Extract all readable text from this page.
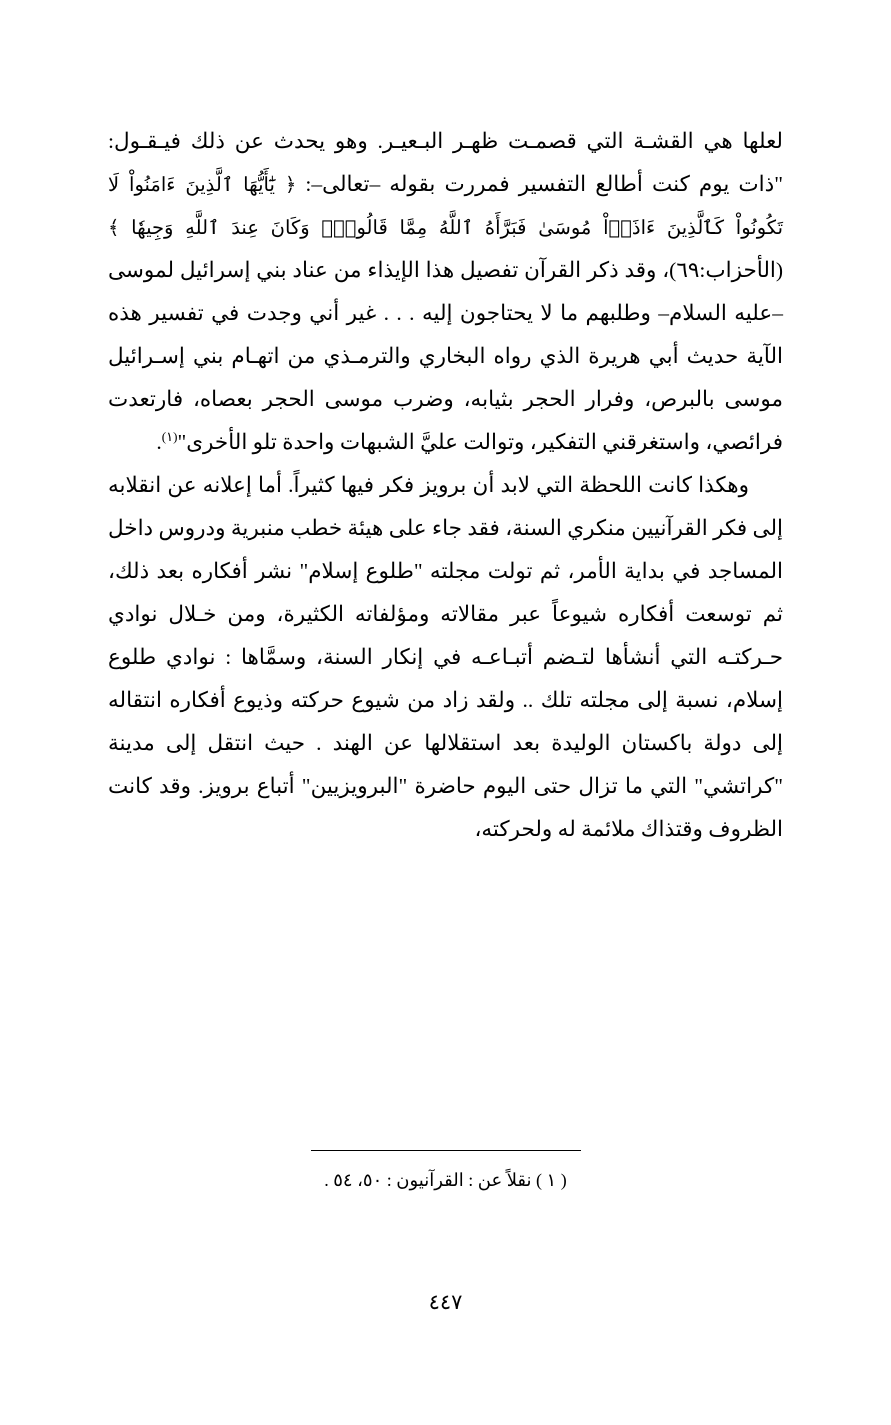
لعلها هي القشـة التي قصمـت ظهـر البـعيـر. وهو يحدث عن ذلك فيـقـول: "ذات يوم كنت أطالع التفسير فمررت بقوله –تعالى–: ﴿ يَٰٓأَيُّهَا ٱلَّذِينَ ءَامَنُواْ لَا تَكُونُواْ كَٱلَّذِينَ ءَاذَوۡاْ مُوسَىٰ فَبَرَّأَهُ ٱللَّهُ مِمَّا قَالُواْۚ وَكَانَ عِندَ ٱللَّهِ وَجِيهٗا ﴾ (الأحزاب:٦٩)، وقد ذكر القرآن تفصيل هذا الإيذاء من عناد بني إسرائيل لموسى –عليه السلام– وطلبهم ما لا يحتاجون إليه . . . غير أني وجدت في تفسير هذه الآية حديث أبي هريرة الذي رواه البخاري والترمـذي من اتهـام بني إسـرائيل موسى بالبرص، وفرار الحجر بثيابه، وضرب موسى الحجر بعصاه، فارتعدت فرائصي، واستغرقني التفكير، وتوالت عليَّ الشبهات واحدة تلو الأخرى"$^{(١)}$.

وهكذا كانت اللحظة التي لابد أن برويز فكر فيها كثيراً. أما إعلانه عن انقلابه إلى فكر القرآنيين منكري السنة، فقد جاء على هيئة خطب منبرية ودروس داخل المساجد في بداية الأمر، ثم تولت مجلته "طلوع إسلام" نشر أفكاره بعد ذلك، ثم توسعت أفكاره شيوعاً عبر مقالاته ومؤلفاته الكثيرة، ومن خـلال نوادي حـركتـه التي أنشأها لتـضم أتبـاعـه في إنكار السنة، وسمَّاها : نوادي طلوع إسلام، نسبة إلى مجلته تلك .. ولقد زاد من شيوع حركته وذيوع أفكاره انتقاله إلى دولة باكستان الوليدة بعد استقلالها عن الهند . حيث انتقل إلى مدينة "كراتشي" التي ما تزال حتى اليوم حاضرة "البرويزيين" أتباع برويز. وقد كانت الظروف وقتذاك ملائمة له ولحركته،

( ١ ) نقلاً عن : القرآنيون : ٥٠، ٥٤ .
٤٤٧
